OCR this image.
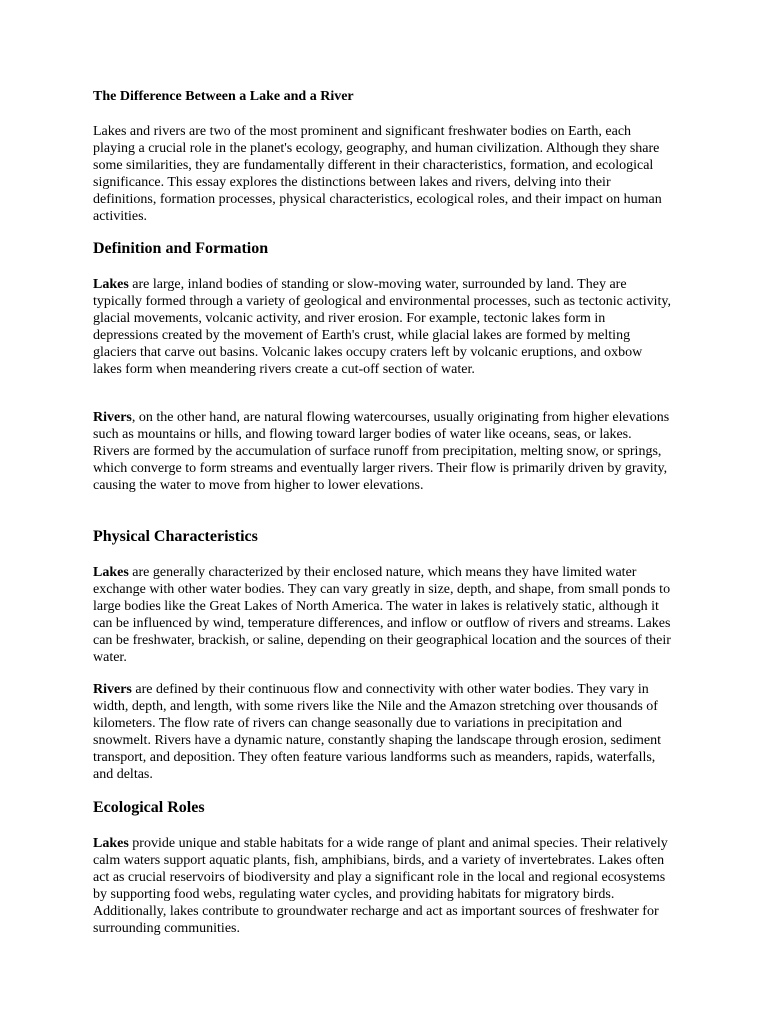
The Difference Between a Lake and a River

Lakes and rivers are two of the most prominent and significant freshwater bodies on Earth, each playing a crucial role in the planet's ecology, geography, and human civilization. Although they share some similarities, they are fundamentally different in their characteristics, formation, and ecological significance. This essay explores the distinctions between lakes and rivers, delving into their definitions, formation processes, physical characteristics, ecological roles, and their impact on human activities.

Definition and Formation

Lakes are large, inland bodies of standing or slow-moving water, surrounded by land. They are typically formed through a variety of geological and environmental processes, such as tectonic activity, glacial movements, volcanic activity, and river erosion. For example, tectonic lakes form in depressions created by the movement of Earth's crust, while glacial lakes are formed by melting glaciers that carve out basins. Volcanic lakes occupy craters left by volcanic eruptions, and oxbow lakes form when meandering rivers create a cut-off section of water.

Rivers, on the other hand, are natural flowing watercourses, usually originating from higher elevations such as mountains or hills, and flowing toward larger bodies of water like oceans, seas, or lakes. Rivers are formed by the accumulation of surface runoff from precipitation, melting snow, or springs, which converge to form streams and eventually larger rivers. Their flow is primarily driven by gravity, causing the water to move from higher to lower elevations.

Physical Characteristics

Lakes are generally characterized by their enclosed nature, which means they have limited water exchange with other water bodies. They can vary greatly in size, depth, and shape, from small ponds to large bodies like the Great Lakes of North America. The water in lakes is relatively static, although it can be influenced by wind, temperature differences, and inflow or outflow of rivers and streams. Lakes can be freshwater, brackish, or saline, depending on their geographical location and the sources of their water.

Rivers are defined by their continuous flow and connectivity with other water bodies. They vary in width, depth, and length, with some rivers like the Nile and the Amazon stretching over thousands of kilometers. The flow rate of rivers can change seasonally due to variations in precipitation and snowmelt. Rivers have a dynamic nature, constantly shaping the landscape through erosion, sediment transport, and deposition. They often feature various landforms such as meanders, rapids, waterfalls, and deltas.

Ecological Roles

Lakes provide unique and stable habitats for a wide range of plant and animal species. Their relatively calm waters support aquatic plants, fish, amphibians, birds, and a variety of invertebrates. Lakes often act as crucial reservoirs of biodiversity and play a significant role in the local and regional ecosystems by supporting food webs, regulating water cycles, and providing habitats for migratory birds. Additionally, lakes contribute to groundwater recharge and act as important sources of freshwater for surrounding communities.
